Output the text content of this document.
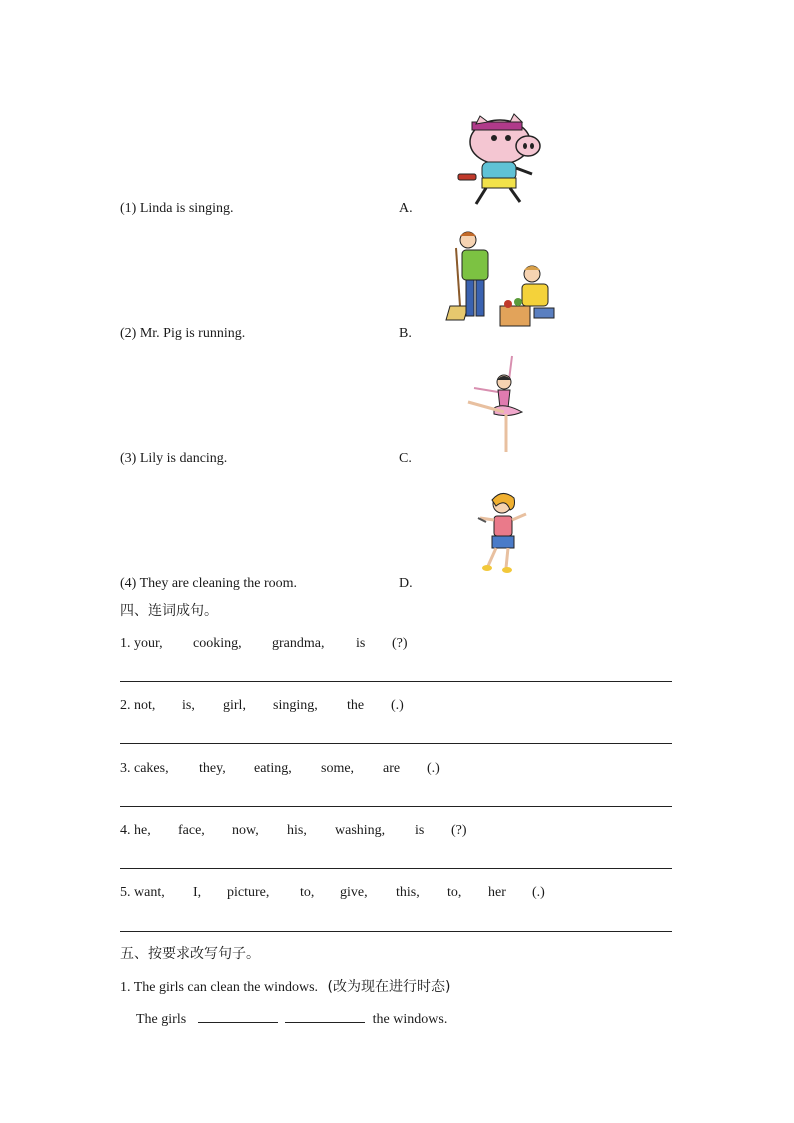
(1) Linda is singing.	A.
(2) Mr. Pig is running.	B.
(3) Lily is dancing.	C.
(4) They are cleaning the room.	D.
四、连词成句。
1. your, cooking, grandma, is (?)
2. not, is, girl, singing, the (.)
3. cakes, they, eating, some, are (.)
4. he, face, now, his, washing, is (?)
5. want, I, picture, to, give, this, to, her (.)
五、按要求改写句子。
1. The girls can clean the windows. (改为现在进行时态)
The girls	the windows.
